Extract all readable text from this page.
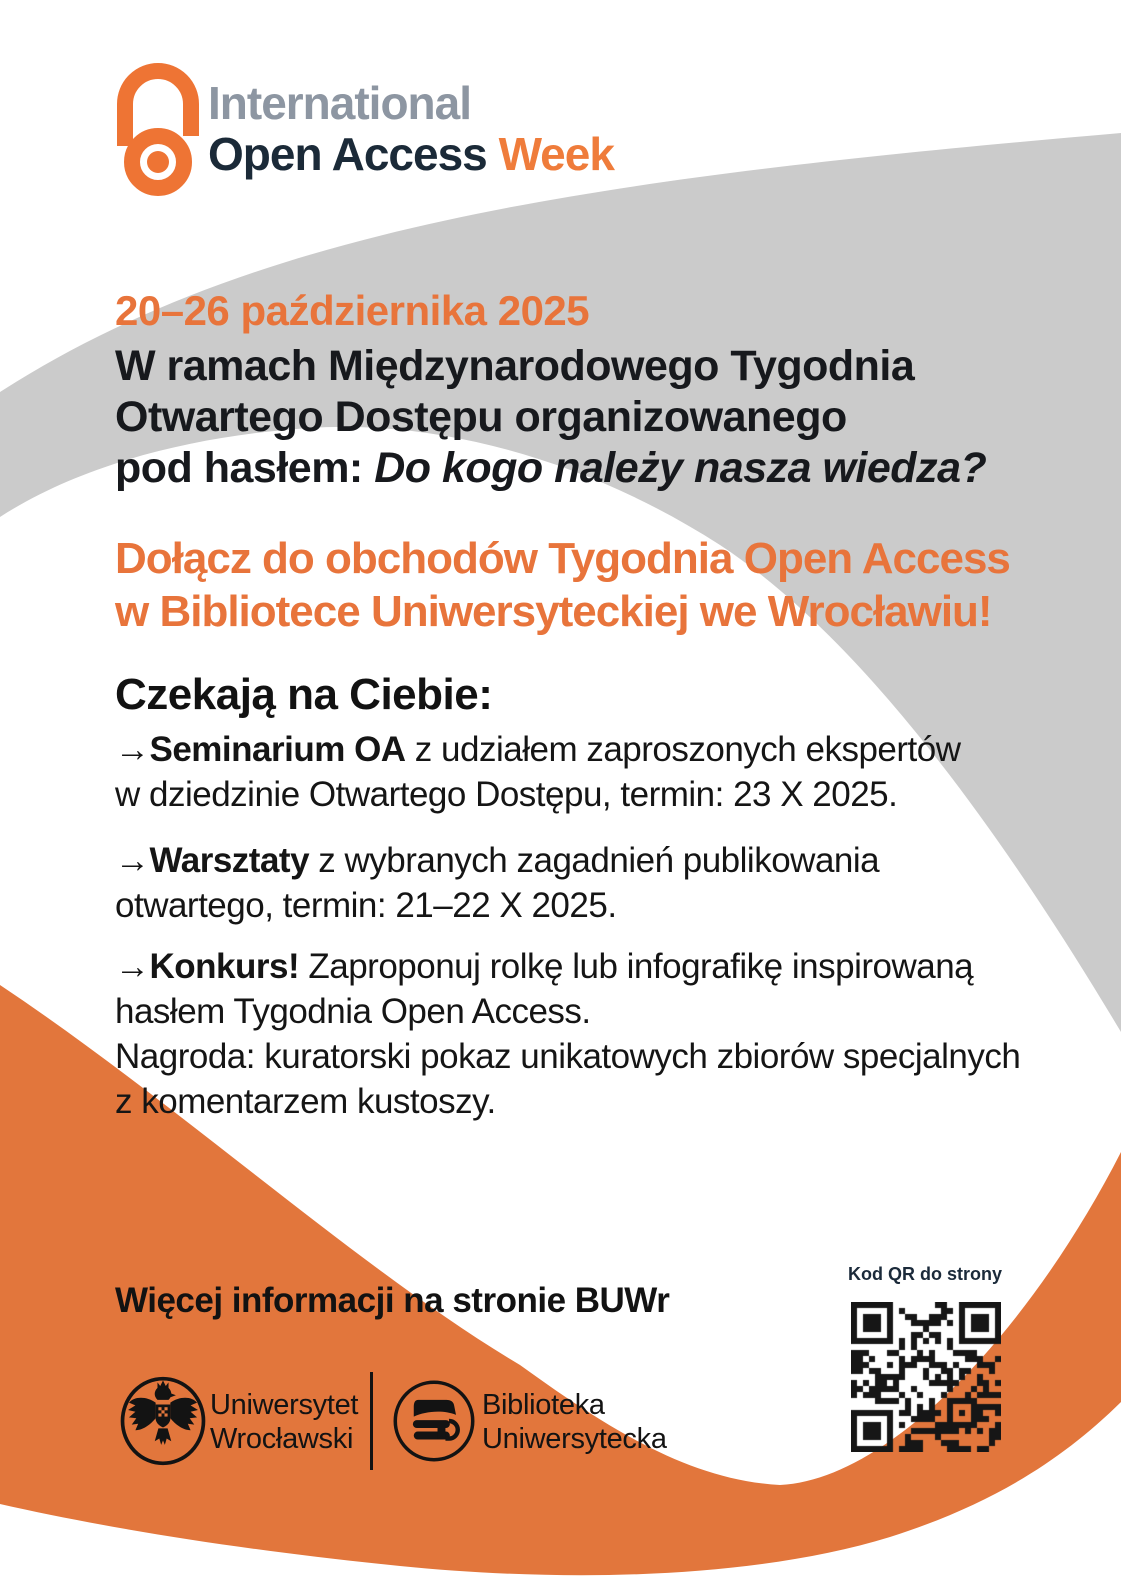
International
Open Access Week
20–26 października 2025
W ramach Międzynarodowego Tygodnia
Otwartego Dostępu organizowanego
pod hasłem: Do kogo należy nasza wiedza?
Dołącz do obchodów Tygodnia Open Access
w Bibliotece Uniwersyteckiej we Wrocławiu!
Czekają na Ciebie:
→Seminarium OA z udziałem zaproszonych ekspertów
w dziedzinie Otwartego Dostępu, termin: 23 X 2025.
→Warsztaty z wybranych zagadnień publikowania
otwartego, termin: 21–22 X 2025.
→Konkurs! Zaproponuj rolkę lub infografikę inspirowaną
hasłem Tygodnia Open Access.
Nagroda: kuratorski pokaz unikatowych zbiorów specjalnych
z komentarzem kustoszy.
Więcej informacji na stronie BUWr
Uniwersytet
Wrocławski
Biblioteka
Uniwersytecka
Kod QR do strony
